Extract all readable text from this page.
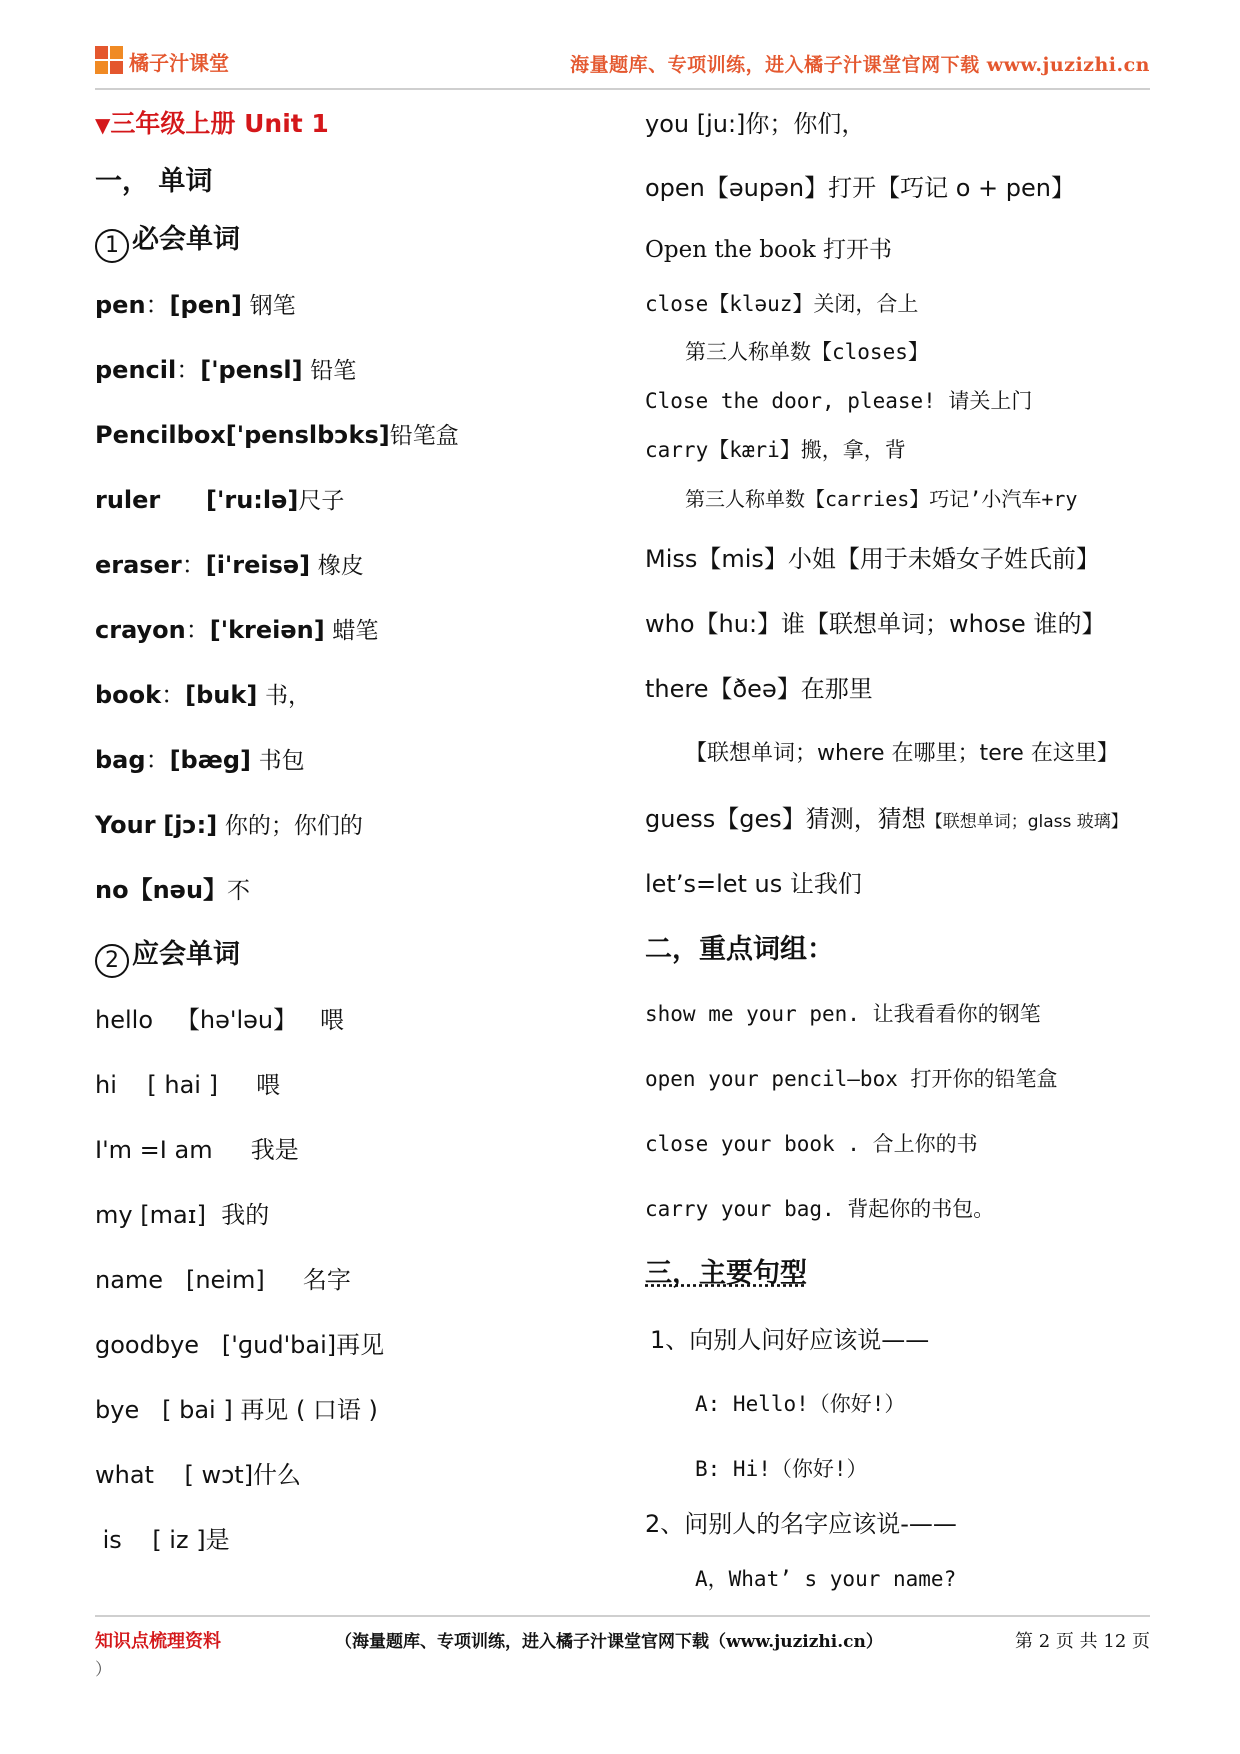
橘子汁课堂	海量题库、专项训练，进入橘子汁课堂官网下载 www.juzizhi.cn
▼三年级上册 Unit 1
一， 单词
1 必会单词
pen：[pen] 钢笔
pencil：['pensl] 铅笔
Pencilbox['penslbɔks]铅笔盒
ruler ['ru:lə]尺子
eraser：[i'reisə] 橡皮
crayon：['kreiən] 蜡笔
book：[buk] 书，
bag：[bæg] 书包
Your [jɔ:] 你的；你们的
no【nəu】不
2 应会单词
hello   【hə'ləu】   喂
hi    [ hai ]     喂
I'm =I am     我是
my [maɪ]  我的
name   [neim]     名字
goodbye   ['ɡud'bai]再见
bye   [ bai ] 再见 ( 口语 )
what    [ wɔt]什么
is    [ iz ]是
you [ju:]你；你们，
open【əupən】打开【巧记 o + pen】
Open the book 打开书
close【kləuz】关闭，合上
第三人称单数【closes】
Close the door, please! 请关上门
carry【kæri】搬，拿，背
第三人称单数【carries】巧记’小汽车+ry
Miss【mis】小姐【用于未婚女子姓氏前】
who【hu:】谁【联想单词；whose 谁的】
there【ðeə】在那里
【联想单词；where 在哪里；tere 在这里】
guess【ges】猜测，猜想【联想单词；glass 玻璃】
let’s=let us 让我们
二，重点词组：
show me your pen. 让我看看你的钢笔
open your pencil—box 打开你的铅笔盒
close your book . 合上你的书
carry your bag. 背起你的书包。
三，主要句型
1、向别人问好应该说——
A: Hello!（你好!）
B: Hi!（你好!）
2、问别人的名字应该说-——
A，What’ s your name?
知识点梳理资料	（海量题库、专项训练，进入橘子汁课堂官网下载（www.juzizhi.cn）	第 2 页 共 12 页
）
